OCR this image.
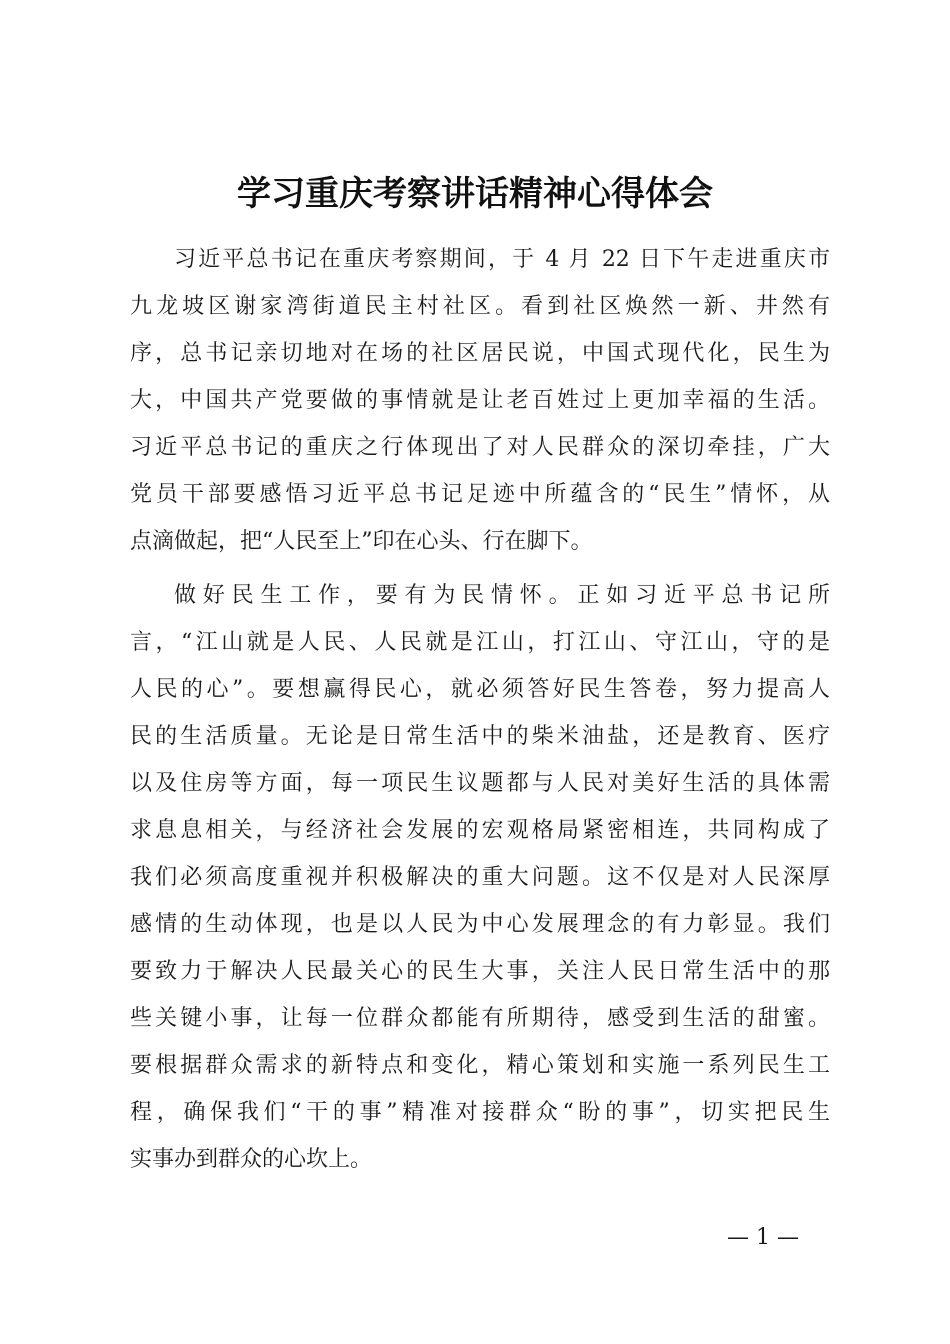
学习重庆考察讲话精神心得体会

习近平总书记在重庆考察期间，于 4 月 22 日下午走进重庆市
九龙坡区谢家湾街道民主村社区。看到社区焕然一新、井然有
序，总书记亲切地对在场的社区居民说，中国式现代化，民生为
大，中国共产党要做的事情就是让老百姓过上更加幸福的生活。
习近平总书记的重庆之行体现出了对人民群众的深切牵挂，广大
党员干部要感悟习近平总书记足迹中所蕴含的“民生”情怀，从
点滴做起，把“人民至上”印在心头、行在脚下。

做好民生工作，要有为民情怀。正如习近平总书记所
言，“江山就是人民、人民就是江山，打江山、守江山，守的是
人民的心”。要想赢得民心，就必须答好民生答卷，努力提高人
民的生活质量。无论是日常生活中的柴米油盐，还是教育、医疗
以及住房等方面，每一项民生议题都与人民对美好生活的具体需
求息息相关，与经济社会发展的宏观格局紧密相连，共同构成了
我们必须高度重视并积极解决的重大问题。这不仅是对人民深厚
感情的生动体现，也是以人民为中心发展理念的有力彰显。我们
要致力于解决人民最关心的民生大事，关注人民日常生活中的那
些关键小事，让每一位群众都能有所期待，感受到生活的甜蜜。
要根据群众需求的新特点和变化，精心策划和实施一系列民生工
程，确保我们“干的事”精准对接群众“盼的事”，切实把民生
实事办到群众的心坎上。

— 1 —
